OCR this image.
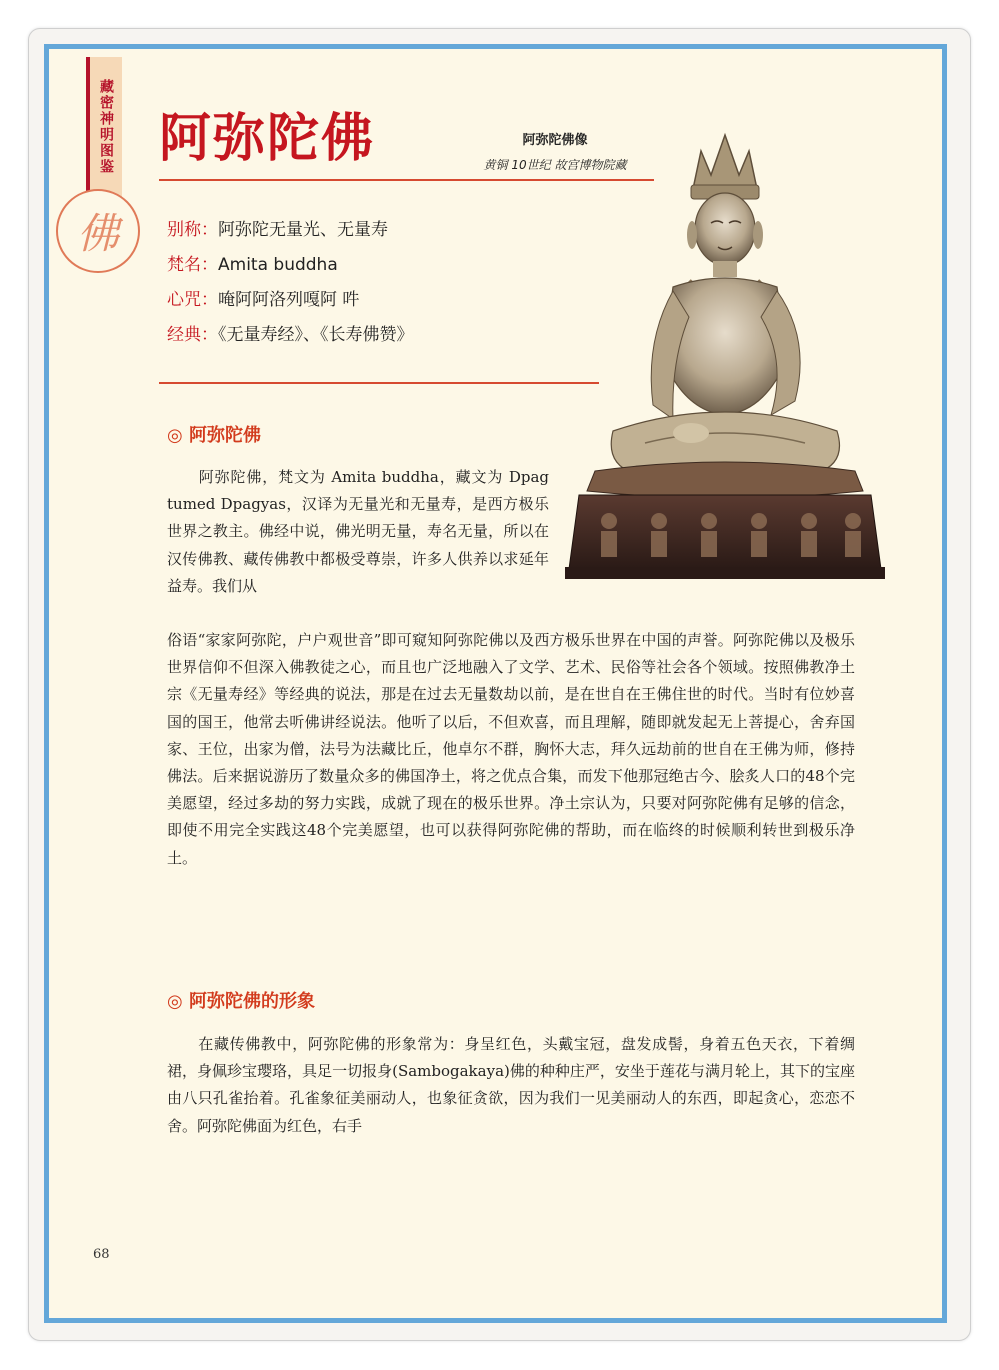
藏密神明图鉴
佛
阿弥陀佛	阿弥陀佛像
黄铜 10世纪 故宫博物院藏
别称：阿弥陀无量光、无量寿
梵名：Amita buddha
心咒：唵阿阿洛列嘎阿 吽
经典：《无量寿经》、《长寿佛赞》
◎ 阿弥陀佛

　　阿弥陀佛，梵文为 Amita buddha，藏文为 Dpag tumed Dpagyas，汉译为无量光和无量寿，是西方极乐世界之教主。佛经中说，佛光明无量，寿名无量，所以在汉传佛教、藏传佛教中都极受尊崇，许多人供养以求延年益寿。我们从

俗语“家家阿弥陀，户户观世音”即可窥知阿弥陀佛以及西方极乐世界在中国的声誉。阿弥陀佛以及极乐世界信仰不但深入佛教徒之心，而且也广泛地融入了文学、艺术、民俗等社会各个领域。按照佛教净土宗《无量寿经》等经典的说法，那是在过去无量数劫以前，是在世自在王佛住世的时代。当时有位妙喜国的国王，他常去听佛讲经说法。他听了以后，不但欢喜，而且理解，随即就发起无上菩提心，舍弃国家、王位，出家为僧，法号为法藏比丘，他卓尔不群，胸怀大志，拜久远劫前的世自在王佛为师，修持佛法。后来据说游历了数量众多的佛国净土，将之优点合集，而发下他那冠绝古今、脍炙人口的48个完美愿望，经过多劫的努力实践，成就了现在的极乐世界。净土宗认为，只要对阿弥陀佛有足够的信念，即使不用完全实践这48个完美愿望，也可以获得阿弥陀佛的帮助，而在临终的时候顺利转世到极乐净土。

◎ 阿弥陀佛的形象

　　在藏传佛教中，阿弥陀佛的形象常为：身呈红色，头戴宝冠，盘发成髻，身着五色天衣，下着绸裙，身佩珍宝璎珞，具足一切报身(Sambogakaya)佛的种种庄严，安坐于莲花与满月轮上，其下的宝座由八只孔雀抬着。孔雀象征美丽动人，也象征贪欲，因为我们一见美丽动人的东西，即起贪心，恋恋不舍。阿弥陀佛面为红色，右手

68
